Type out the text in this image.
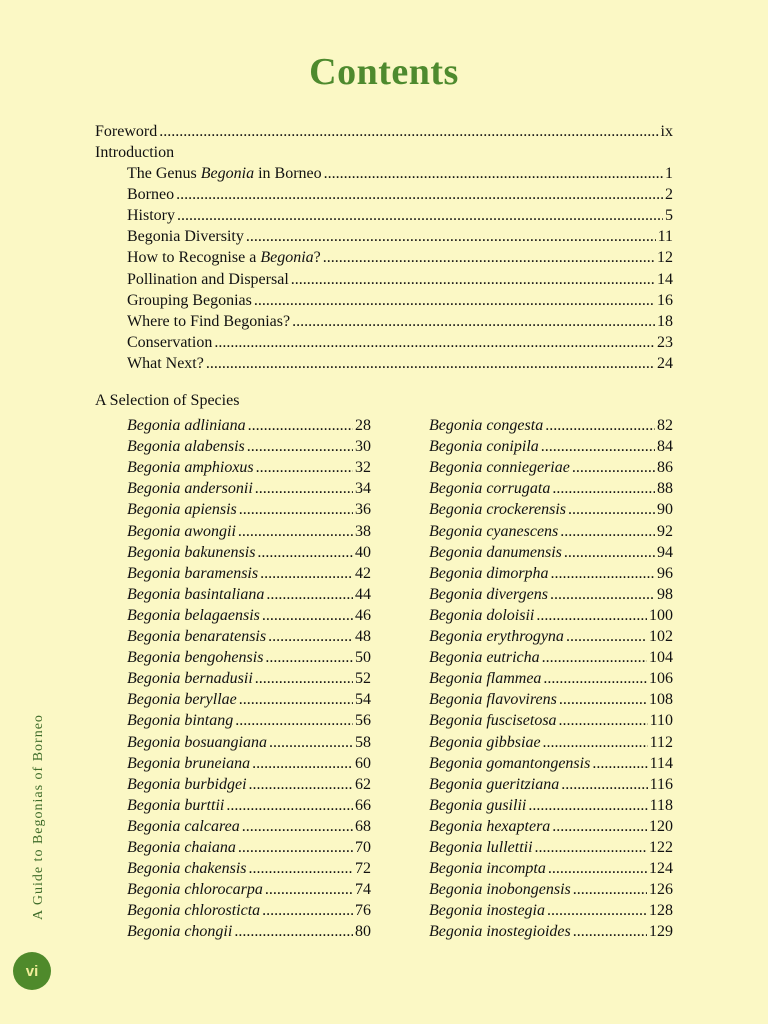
Contents
Foreword .....	ix
Introduction
The Genus Begonia in Borneo .....	1
Borneo .....	2
History .....	5
Begonia Diversity .....	11
How to Recognise a Begonia? .....	12
Pollination and Dispersal .....	14
Grouping Begonias .....	16
Where to Find Begonias? .....	18
Conservation .....	23
What Next? .....	24
A Selection of Species
Begonia adliniana .....	28
Begonia alabensis .....	30
Begonia amphioxus .....	32
Begonia andersonii .....	34
Begonia apiensis .....	36
Begonia awongii .....	38
Begonia bakunensis .....	40
Begonia baramensis .....	42
Begonia basintaliana .....	44
Begonia belagaensis .....	46
Begonia benaratensis .....	48
Begonia bengohensis .....	50
Begonia bernadusii .....	52
Begonia beryllae .....	54
Begonia bintang .....	56
Begonia bosuangiana .....	58
Begonia bruneiana .....	60
Begonia burbidgei .....	62
Begonia burttii .....	66
Begonia calcarea .....	68
Begonia chaiana .....	70
Begonia chakensis .....	72
Begonia chlorocarpa .....	74
Begonia chlorosticta .....	76
Begonia chongii .....	80
Begonia congesta .....	82
Begonia conipila .....	84
Begonia conniegeriae .....	86
Begonia corrugata .....	88
Begonia crockerensis .....	90
Begonia cyanescens .....	92
Begonia danumensis .....	94
Begonia dimorpha .....	96
Begonia divergens .....	98
Begonia doloisii .....	100
Begonia erythrogyna .....	102
Begonia eutricha .....	104
Begonia flammea .....	106
Begonia flavovirens .....	108
Begonia fuscisetosa .....	110
Begonia gibbsiae .....	112
Begonia gomantongensis .....	114
Begonia gueritziana .....	116
Begonia gusilii .....	118
Begonia hexaptera .....	120
Begonia lullettii .....	122
Begonia incompta .....	124
Begonia inobongensis .....	126
Begonia inostegia .....	128
Begonia inostegioides .....	129
A Guide to Begonias of Borneo
vi
